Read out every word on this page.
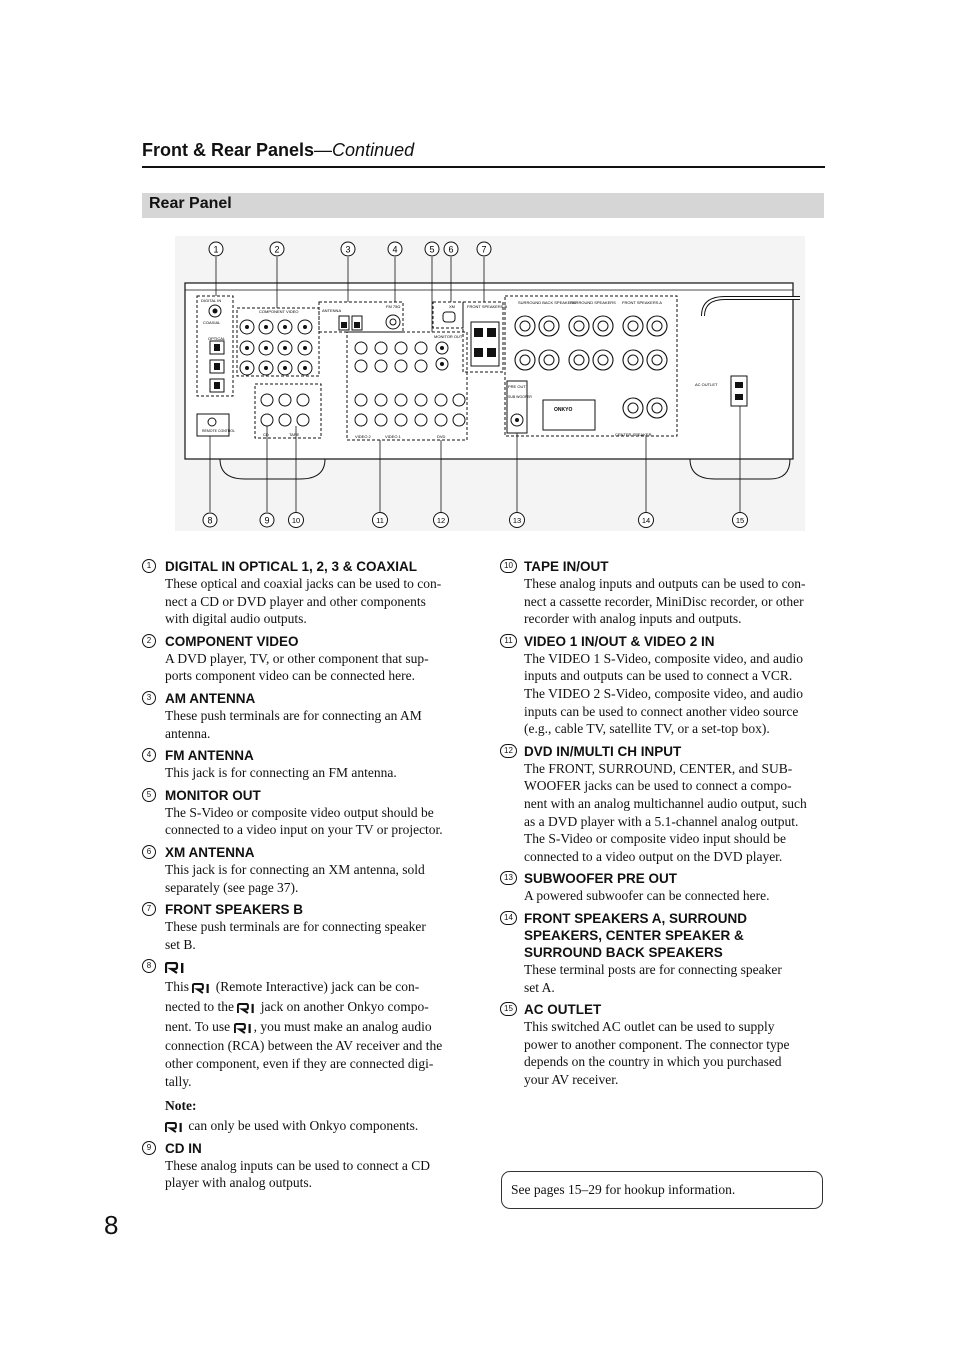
Front & Rear Panels—Continued
Rear Panel
DIGITAL IN
COAXIAL
OPTICAL
COMPONENT VIDEO	ANTENNA
FM 75Ω	XM
MONITOR OUT
FRONT SPEAKERS B
SURROUND BACK SPEAKERS
SURROUND SPEAKERS FRONT SPEAKERS A
CENTER SPEAKER
REMOTE CONTROL
CD	TAPE	VIDEO 2	VIDEO 1	DVD
PRE OUT
SUB WOOFER
ONKYO
AC OUTLET
1	2	3	4	5 6	7
8	9	10	11	12	13	14	15
1	DIGITAL IN OPTICAL 1, 2, 3 & COAXIAL
These optical and coaxial jacks can be used to con-
nect a CD or DVD player and other components
with digital audio outputs.
2	COMPONENT VIDEO
A DVD player, TV, or other component that sup-
ports component video can be connected here.
3	AM ANTENNA
These push terminals are for connecting an AM
antenna.
4	FM ANTENNA
This jack is for connecting an FM antenna.
5	MONITOR OUT
The S-Video or composite video output should be
connected to a video input on your TV or projector.
6	XM ANTENNA
This jack is for connecting an XM antenna, sold
separately (see page 37).
7	FRONT SPEAKERS B
These push terminals are for connecting speaker
set B.
8
This (Remote Interactive) jack can be con-
nected to the jack on another Onkyo compo-
nent. To use , you must make an analog audio
connection (RCA) between the AV receiver and the
other component, even if they are connected digi-
tally.
Note:
can only be used with Onkyo components.
9	CD IN
These analog inputs can be used to connect a CD
player with analog outputs.
10 TAPE IN/OUT
These analog inputs and outputs can be used to con-
nect a cassette recorder, MiniDisc recorder, or other
recorder with analog inputs and outputs.
11 VIDEO 1 IN/OUT & VIDEO 2 IN
The VIDEO 1 S-Video, composite video, and audio
inputs and outputs can be used to connect a VCR.
The VIDEO 2 S-Video, composite video, and audio
inputs can be used to connect another video source
(e.g., cable TV, satellite TV, or a set-top box).
12 DVD IN/MULTI CH INPUT
The FRONT, SURROUND, CENTER, and SUB-
WOOFER jacks can be used to connect a compo-
nent with an analog multichannel audio output, such
as a DVD player with a 5.1-channel analog output.
The S-Video or composite video input should be
connected to a video output on the DVD player.
13 SUBWOOFER PRE OUT
A powered subwoofer can be connected here.
14 FRONT SPEAKERS A, SURROUND
SPEAKERS, CENTER SPEAKER &
SURROUND BACK SPEAKERS
These terminal posts are for connecting speaker
set A.
15 AC OUTLET
This switched AC outlet can be used to supply
power to another component. The connector type
depends on the country in which you purchased
your AV receiver.
See pages 15–29 for hookup information.
8
